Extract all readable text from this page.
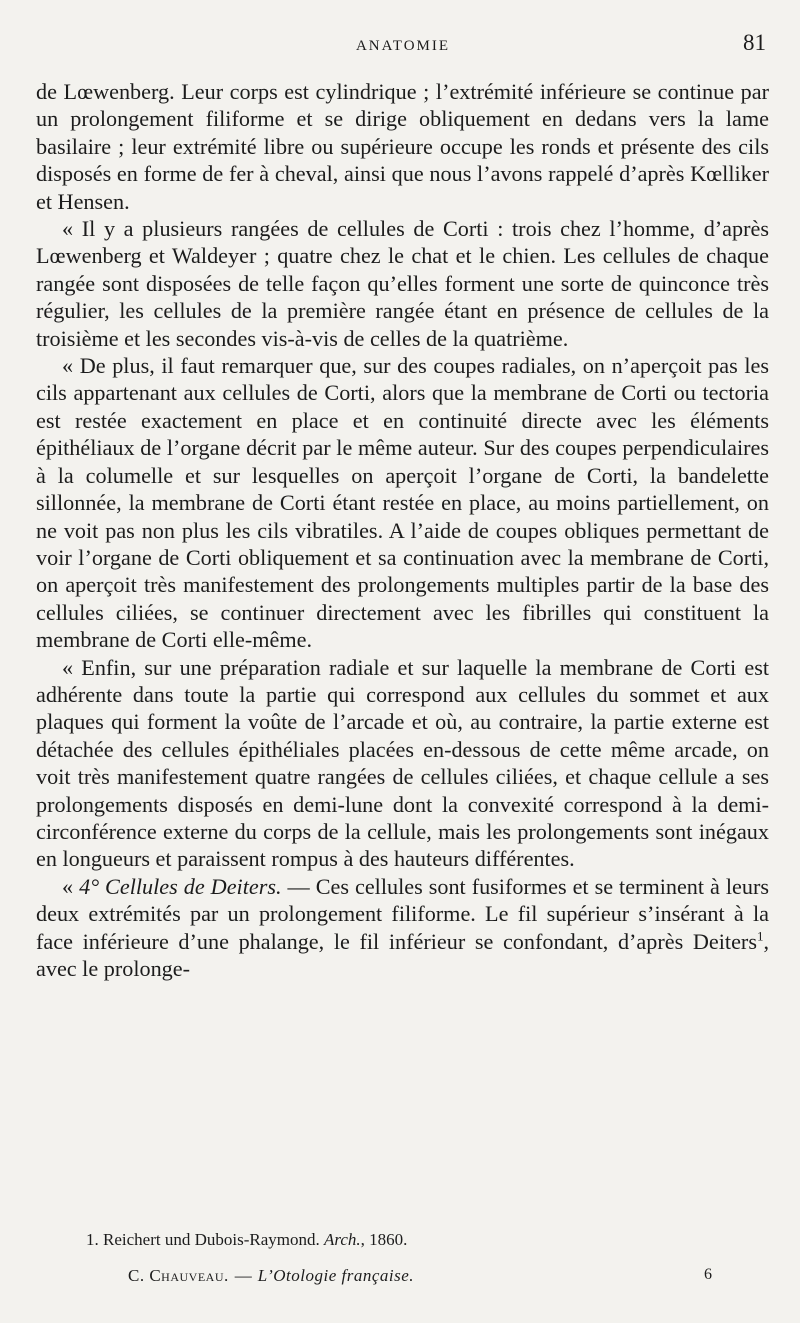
ANATOMIE	81

de Lœwenberg. Leur corps est cylindrique ; l’extrémité inférieure se continue par un prolongement filiforme et se dirige obliquement en dedans vers la lame basilaire ; leur extrémité libre ou supérieure occupe les ronds et présente des cils disposés en forme de fer à cheval, ainsi que nous l’avons rappelé d’après Kœlliker et Hensen.

« Il y a plusieurs rangées de cellules de Corti : trois chez l’homme, d’après Lœwenberg et Waldeyer ; quatre chez le chat et le chien. Les cellules de chaque rangée sont disposées de telle façon qu’elles forment une sorte de quinconce très régulier, les cellules de la première rangée étant en présence de cellules de la troisième et les secondes vis-à-vis de celles de la quatrième.

« De plus, il faut remarquer que, sur des coupes radiales, on n’aperçoit pas les cils appartenant aux cellules de Corti, alors que la membrane de Corti ou tectoria est restée exactement en place et en continuité directe avec les éléments épithéliaux de l’organe décrit par le même auteur. Sur des coupes perpendiculaires à la columelle et sur lesquelles on aperçoit l’organe de Corti, la bandelette sillonnée, la membrane de Corti étant restée en place, au moins partiellement, on ne voit pas non plus les cils vibratiles. A l’aide de coupes obliques permettant de voir l’organe de Corti obliquement et sa continuation avec la membrane de Corti, on aperçoit très manifestement des prolongements multiples partir de la base des cellules ciliées, se continuer directement avec les fibrilles qui constituent la membrane de Corti elle-même.

« Enfin, sur une préparation radiale et sur laquelle la membrane de Corti est adhérente dans toute la partie qui correspond aux cellules du sommet et aux plaques qui forment la voûte de l’arcade et où, au contraire, la partie externe est détachée des cellules épithéliales placées en-dessous de cette même arcade, on voit très manifestement quatre rangées de cellules ciliées, et chaque cellule a ses prolongements disposés en demi-lune dont la convexité correspond à la demi-circonférence externe du corps de la cellule, mais les prolongements sont inégaux en longueurs et paraissent rompus à des hauteurs différentes.

« 4° Cellules de Deiters. — Ces cellules sont fusiformes et se terminent à leurs deux extrémités par un prolongement filiforme. Le fil supérieur s’insérant à la face inférieure d’une phalange, le fil inférieur se confondant, d’après Deiters$^1$, avec le prolonge-

1. Reichert und Dubois-Raymond. Arch., 1860.
C. Chauveau. — L’Otologie française.	6
